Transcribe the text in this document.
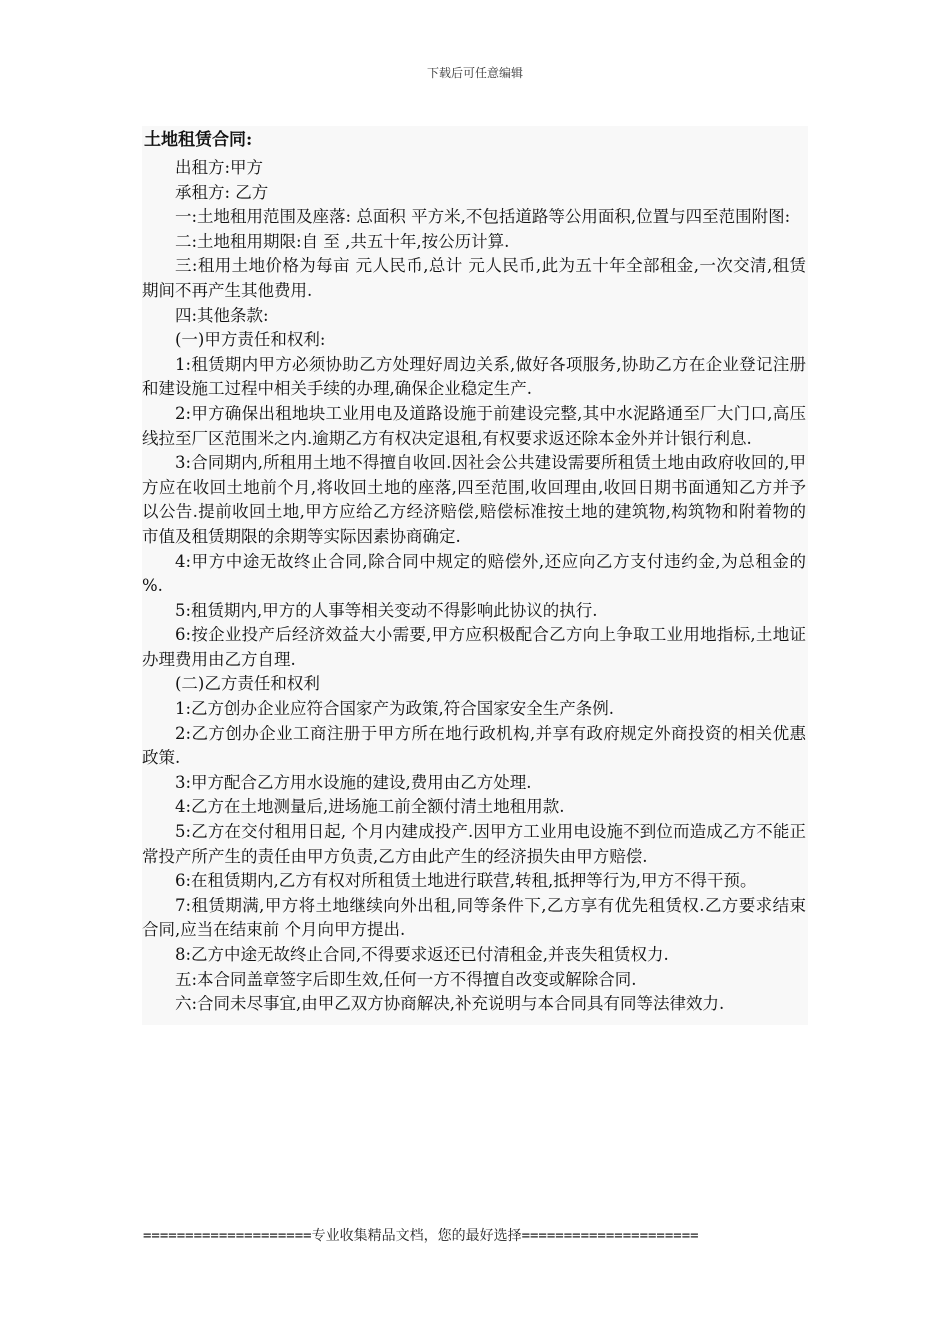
下载后可任意编辑
土地租赁合同:

出租方:甲方

承租方: 乙方

一:土地租用范围及座落: 总面积 平方米,不包括道路等公用面积,位置与四至范围附图:

二:土地租用期限:自 至 ,共五十年,按公历计算.

三:租用土地价格为每亩 元人民币,总计 元人民币,此为五十年全部租金,一次交清,租赁期间不再产生其他费用.

四:其他条款:

(一)甲方责任和权利:

1:租赁期内甲方必须协助乙方处理好周边关系,做好各项服务,协助乙方在企业登记注册和建设施工过程中相关手续的办理,确保企业稳定生产.

2:甲方确保出租地块工业用电及道路设施于前建设完整,其中水泥路通至厂大门口,高压线拉至厂区范围米之内.逾期乙方有权决定退租,有权要求返还除本金外并计银行利息.

3:合同期内,所租用土地不得擅自收回.因社会公共建设需要所租赁土地由政府收回的,甲方应在收回土地前个月,将收回土地的座落,四至范围,收回理由,收回日期书面通知乙方并予以公告.提前收回土地,甲方应给乙方经济赔偿,赔偿标准按土地的建筑物,构筑物和附着物的市值及租赁期限的余期等实际因素协商确定.

4:甲方中途无故终止合同,除合同中规定的赔偿外,还应向乙方支付违约金,为总租金的 %.

5:租赁期内,甲方的人事等相关变动不得影响此协议的执行.

6:按企业投产后经济效益大小需要,甲方应积极配合乙方向上争取工业用地指标,土地证办理费用由乙方自理.

(二)乙方责任和权利

1:乙方创办企业应符合国家产为政策,符合国家安全生产条例.

2:乙方创办企业工商注册于甲方所在地行政机构,并享有政府规定外商投资的相关优惠政策.

3:甲方配合乙方用水设施的建设,费用由乙方处理.

4:乙方在土地测量后,进场施工前全额付清土地租用款.

5:乙方在交付租用日起, 个月内建成投产.因甲方工业用电设施不到位而造成乙方不能正常投产所产生的责任由甲方负责,乙方由此产生的经济损失由甲方赔偿.

6:在租赁期内,乙方有权对所租赁土地进行联营,转租,抵押等行为,甲方不得干预。

7:租赁期满,甲方将土地继续向外出租,同等条件下,乙方享有优先租赁权.乙方要求结束合同,应当在结束前 个月向甲方提出.

8:乙方中途无故终止合同,不得要求返还已付清租金,并丧失租赁权力.

五:本合同盖章签字后即生效,任何一方不得擅自改变或解除合同.

六:合同未尽事宜,由甲乙双方协商解决,补充说明与本合同具有同等法律效力.

====================专业收集精品文档，您的最好选择=====================
